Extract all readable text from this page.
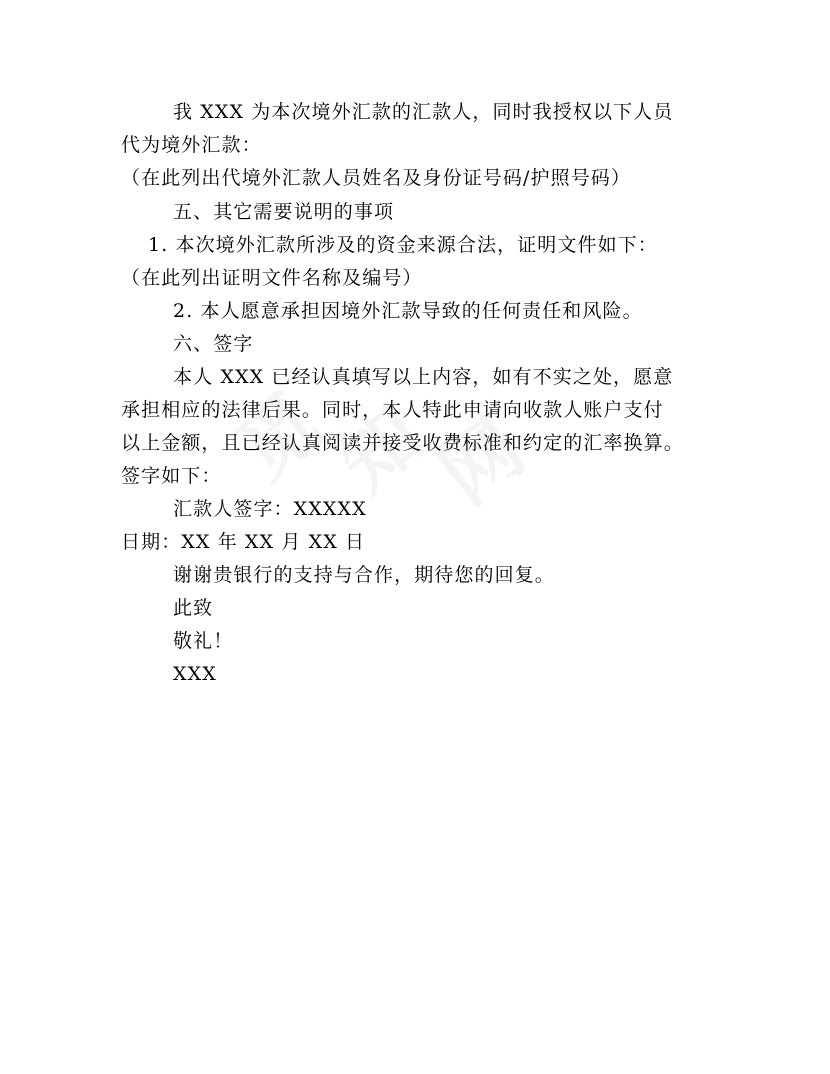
我 XXX 为本次境外汇款的汇款人，同时我授权以下人员
代为境外汇款：
（在此列出代境外汇款人员姓名及身份证号码/护照号码）
五、其它需要说明的事项
1. 本次境外汇款所涉及的资金来源合法，证明文件如下：
（在此列出证明文件名称及编号）
2. 本人愿意承担因境外汇款导致的任何责任和风险。
六、签字
本人 XXX 已经认真填写以上内容，如有不实之处，愿意
承担相应的法律后果。同时，本人特此申请向收款人账户支付
以上金额，且已经认真阅读并接受收费标准和约定的汇率换算。
签字如下：
汇款人签字：XXXXX
日期：XX 年 XX 月 XX 日
谢谢贵银行的支持与合作，期待您的回复。
此致
敬礼！
XXX
